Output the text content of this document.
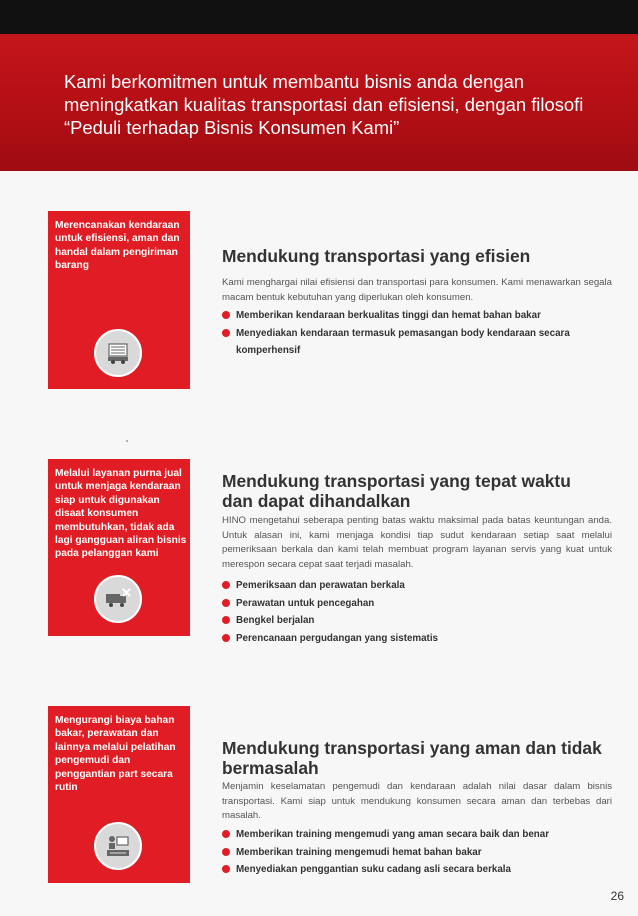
Kami berkomitmen untuk membantu bisnis anda dengan meningkatkan kualitas transportasi dan efisiensi, dengan filosofi “Peduli terhadap Bisnis Konsumen Kami”
Merencanakan kendaraan untuk efisiensi, aman dan handal dalam pengiriman barang	Mendukung transportasi yang efisien

Kami menghargai nilai efisiensi dan transportasi para konsumen. Kami menawarkan segala macam bentuk kebutuhan yang diperlukan oleh konsumen.

Memberikan kendaraan berkualitas tinggi dan hemat bahan bakar
Menyediakan kendaraan termasuk pemasangan body kendaraan secara komperhensif
Melalui layanan purna jual untuk menjaga kendaraan siap untuk digunakan disaat konsumen membutuhkan, tidak ada lagi gangguan aliran bisnis pada pelanggan kami
Mendukung transportasi yang tepat waktu dan dapat dihandalkan

HINO mengetahui seberapa penting batas waktu maksimal pada batas keuntungan anda. Untuk alasan ini, kami menjaga kondisi tiap sudut kendaraan setiap saat melalui pemeriksaan berkala dan kami telah membuat program layanan servis yang kuat untuk merespon secara cepat saat terjadi masalah.

Pemeriksaan dan perawatan berkala
Perawatan untuk pencegahan
Bengkel berjalan
Perencanaan pergudangan yang sistematis
Mengurangi biaya bahan bakar, perawatan dan lainnya melalui pelatihan pengemudi dan penggantian part secara rutin
Mendukung transportasi yang aman dan tidak bermasalah

Menjamin keselamatan pengemudi dan kendaraan adalah nilai dasar dalam bisnis transportasi. Kami siap untuk mendukung konsumen secara aman dan terbebas dari masalah.

Memberikan training mengemudi yang aman secara baik dan benar
Memberikan training mengemudi hemat bahan bakar
Menyediakan penggantian suku cadang asli secara berkala
26
